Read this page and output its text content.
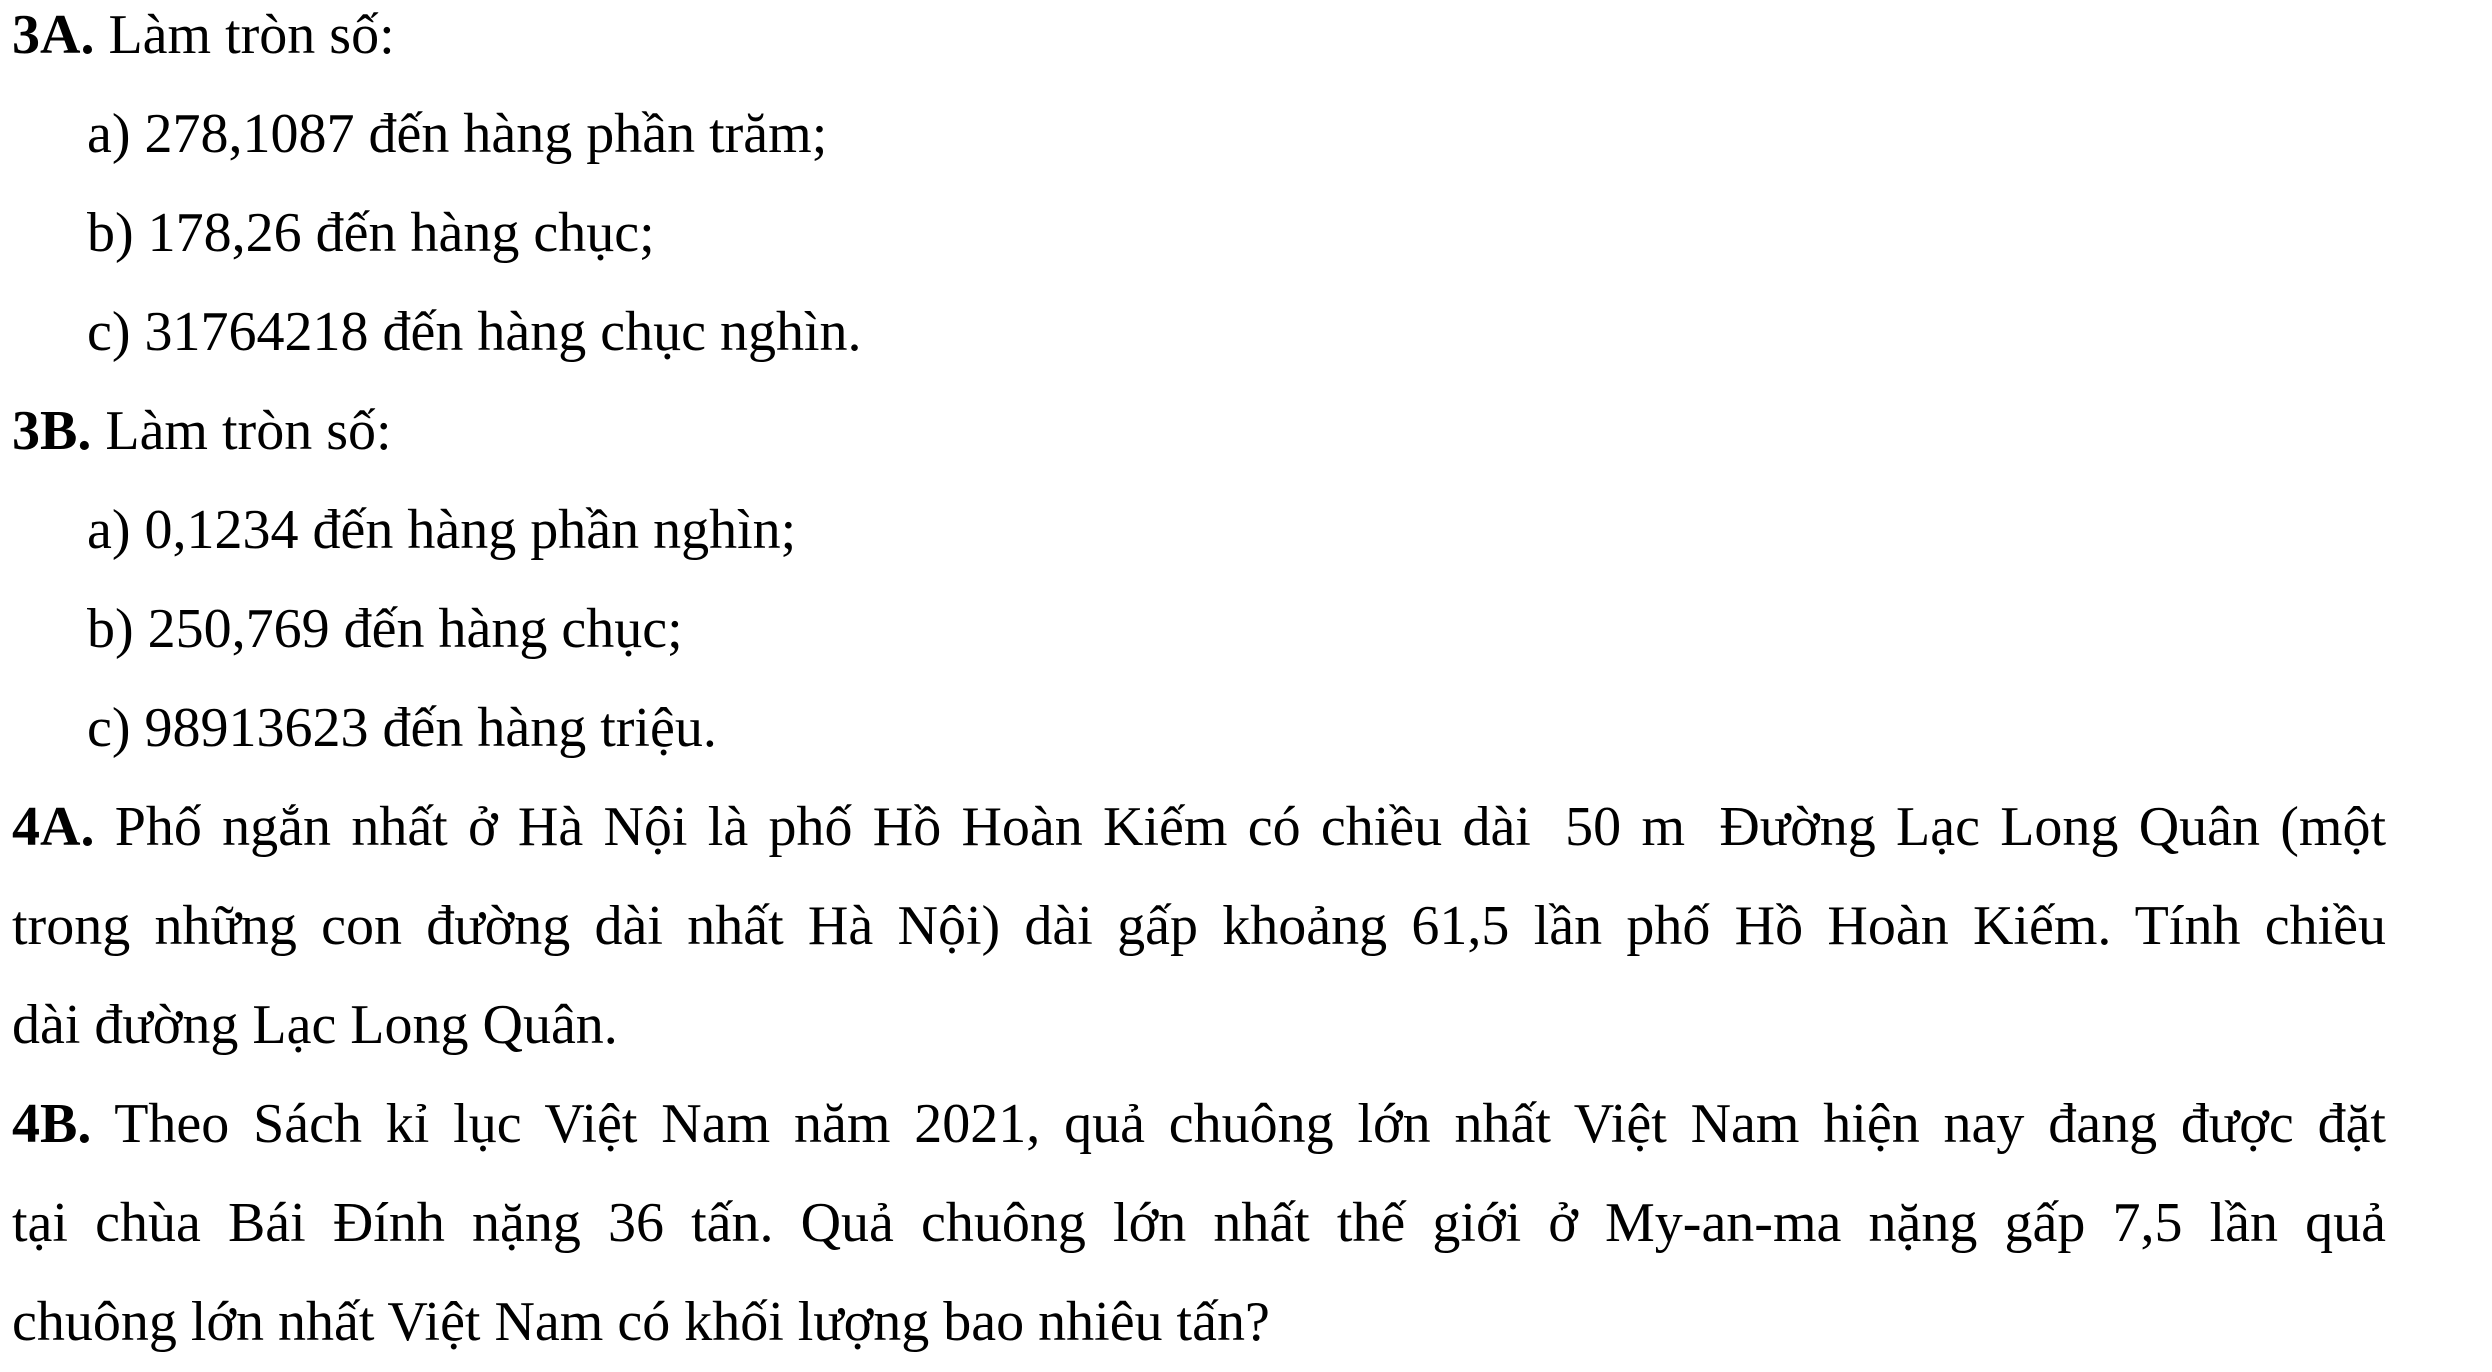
3A. Làm tròn số:
a) 278,1087 đến hàng phần trăm;
b) 178,26 đến hàng chục;
c) 31764218 đến hàng chục nghìn.
3B. Làm tròn số:
a) 0,1234 đến hàng phần nghìn;
b) 250,769 đến hàng chục;
c) 98913623 đến hàng triệu.
4A. Phố ngắn nhất ở Hà Nội là phố Hồ Hoàn Kiếm có chiều dài 50 m Đường Lạc Long Quân (một
trong những con đường dài nhất Hà Nội) dài gấp khoảng 61,5 lần phố Hồ Hoàn Kiếm. Tính chiều
dài đường Lạc Long Quân.
4B. Theo Sách kỉ lục Việt Nam năm 2021, quả chuông lớn nhất Việt Nam hiện nay đang được đặt
tại chùa Bái Đính nặng 36 tấn. Quả chuông lớn nhất thế giới ở My-an-ma nặng gấp 7,5 lần quả
chuông lớn nhất Việt Nam có khối lượng bao nhiêu tấn?
